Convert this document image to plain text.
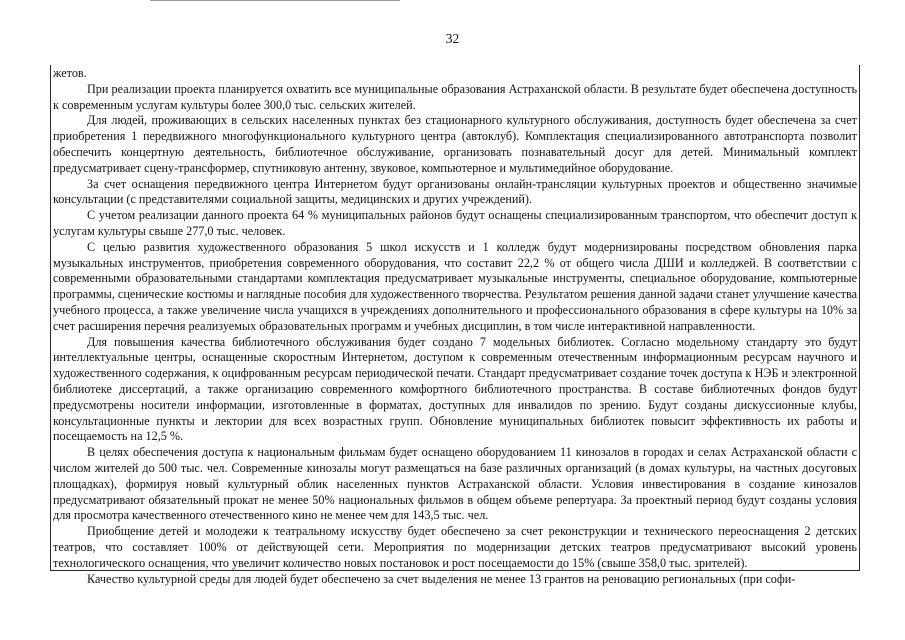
32

жетов.

При реализации проекта планируется охватить все муниципальные образования Астраханской области. В результате будет обеспечена доступность к современным услугам культуры более 300,0 тыс. сельских жителей.

Для людей, проживающих в сельских населенных пунктах без стационарного культурного обслуживания, доступность будет обеспечена за счет приобретения 1 передвижного многофункционального культурного центра (автоклуб). Комплектация специализированного автотранспорта позволит обеспечить концертную деятельность, библиотечное обслуживание, организовать познавательный досуг для детей. Минимальный комплект предусматривает сцену-трансформер, спутниковую антенну, звуковое, компьютерное и мультимедийное оборудование.

За счет оснащения передвижного центра Интернетом будут организованы онлайн-трансляции культурных проектов и общественно значимые консультации (с представителями социальной защиты, медицинских и других учреждений).

С учетом реализации данного проекта 64 % муниципальных районов будут оснащены специализированным транспортом, что обеспечит доступ к услугам культуры свыше 277,0 тыс. человек.

С целью развития художественного образования 5 школ искусств и 1 колледж будут модернизированы посредством обновления парка музыкальных инструментов, приобретения современного оборудования, что составит 22,2 % от общего числа ДШИ и колледжей. В соответствии с современными образовательными стандартами комплектация предусматривает музыкальные инструменты, специальное оборудование, компьютерные программы, сценические костюмы и наглядные пособия для художественного творчества. Результатом решения данной задачи станет улучшение качества учебного процесса, а также увеличение числа учащихся в учреждениях дополнительного и профессионального образования в сфере культуры на 10% за счет расширения перечня реализуемых образовательных программ и учебных дисциплин, в том числе интерактивной направленности.

Для повышения качества библиотечного обслуживания будет создано 7 модельных библиотек. Согласно модельному стандарту это будут интеллектуальные центры, оснащенные скоростным Интернетом, доступом к современным отечественным информационным ресурсам научного и художественного содержания, к оцифрованным ресурсам периодической печати. Стандарт предусматривает создание точек доступа к НЭБ и электронной библиотеке диссертаций, а также организацию современного комфортного библиотечного пространства. В составе библиотечных фондов будут предусмотрены носители информации, изготовленные в форматах, доступных для инвалидов по зрению. Будут созданы дискуссионные клубы, консультационные пункты и лектории для всех возрастных групп. Обновление муниципальных библиотек повысит эффективность их работы и посещаемость на 12,5 %.

В целях обеспечения доступа к национальным фильмам будет оснащено оборудованием 11 кинозалов в городах и селах Астраханской области с числом жителей до 500 тыс. чел. Современные кинозалы могут размещаться на базе различных организаций (в домах культуры, на частных досуговых площадках), формируя новый культурный облик населенных пунктов Астраханской области. Условия инвестирования в создание кинозалов предусматривают обязательный прокат не менее 50% национальных фильмов в общем объеме репертуара. За проектный период будут созданы условия для просмотра качественного отечественного кино не менее чем для 143,5 тыс. чел.

Приобщение детей и молодежи к театральному искусству будет обеспечено за счет реконструкции и технического переоснащения 2 детских театров, что составляет 100% от действующей сети. Мероприятия по модернизации детских театров предусматривают высокий уровень технологического оснащения, что увеличит количество новых постановок и рост посещаемости до 15% (свыше 358,0 тыс. зрителей).

Качество культурной среды для людей будет обеспечено за счет выделения не менее 13 грантов на реновацию региональных (при софи-
